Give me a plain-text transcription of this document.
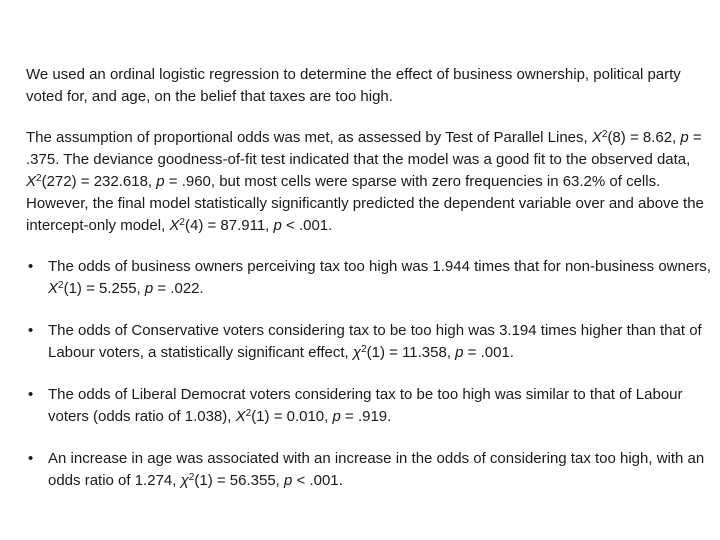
We used an ordinal logistic regression to determine the effect of business ownership, political party voted for, and age, on the belief that taxes are too high.

The assumption of proportional odds was met, as assessed by Test of Parallel Lines, $X^2(8) = 8.62$, p = .375. The deviance goodness-of-fit test indicated that the model was a good fit to the observed data, $X^2(272) = 232.618$, p = .960, but most cells were sparse with zero frequencies in 63.2% of cells. However, the final model statistically significantly predicted the dependent variable over and above the intercept-only model, $X^2(4) = 87.911$, p < .001.

• The odds of business owners perceiving tax too high was 1.944 times that for non-business owners, $X^2(1) = 5.255$, p = .022.
• The odds of Conservative voters considering tax to be too high was 3.194 times higher than that of Labour voters, a statistically significant effect, $\chi^2(1) = 11.358$, p = .001.
• The odds of Liberal Democrat voters considering tax to be too high was similar to that of Labour voters (odds ratio of 1.038), $X^2(1) = 0.010$, p = .919.
• An increase in age was associated with an increase in the odds of considering tax too high, with an odds ratio of 1.274, $\chi^2(1) = 56.355$, p < .001.
